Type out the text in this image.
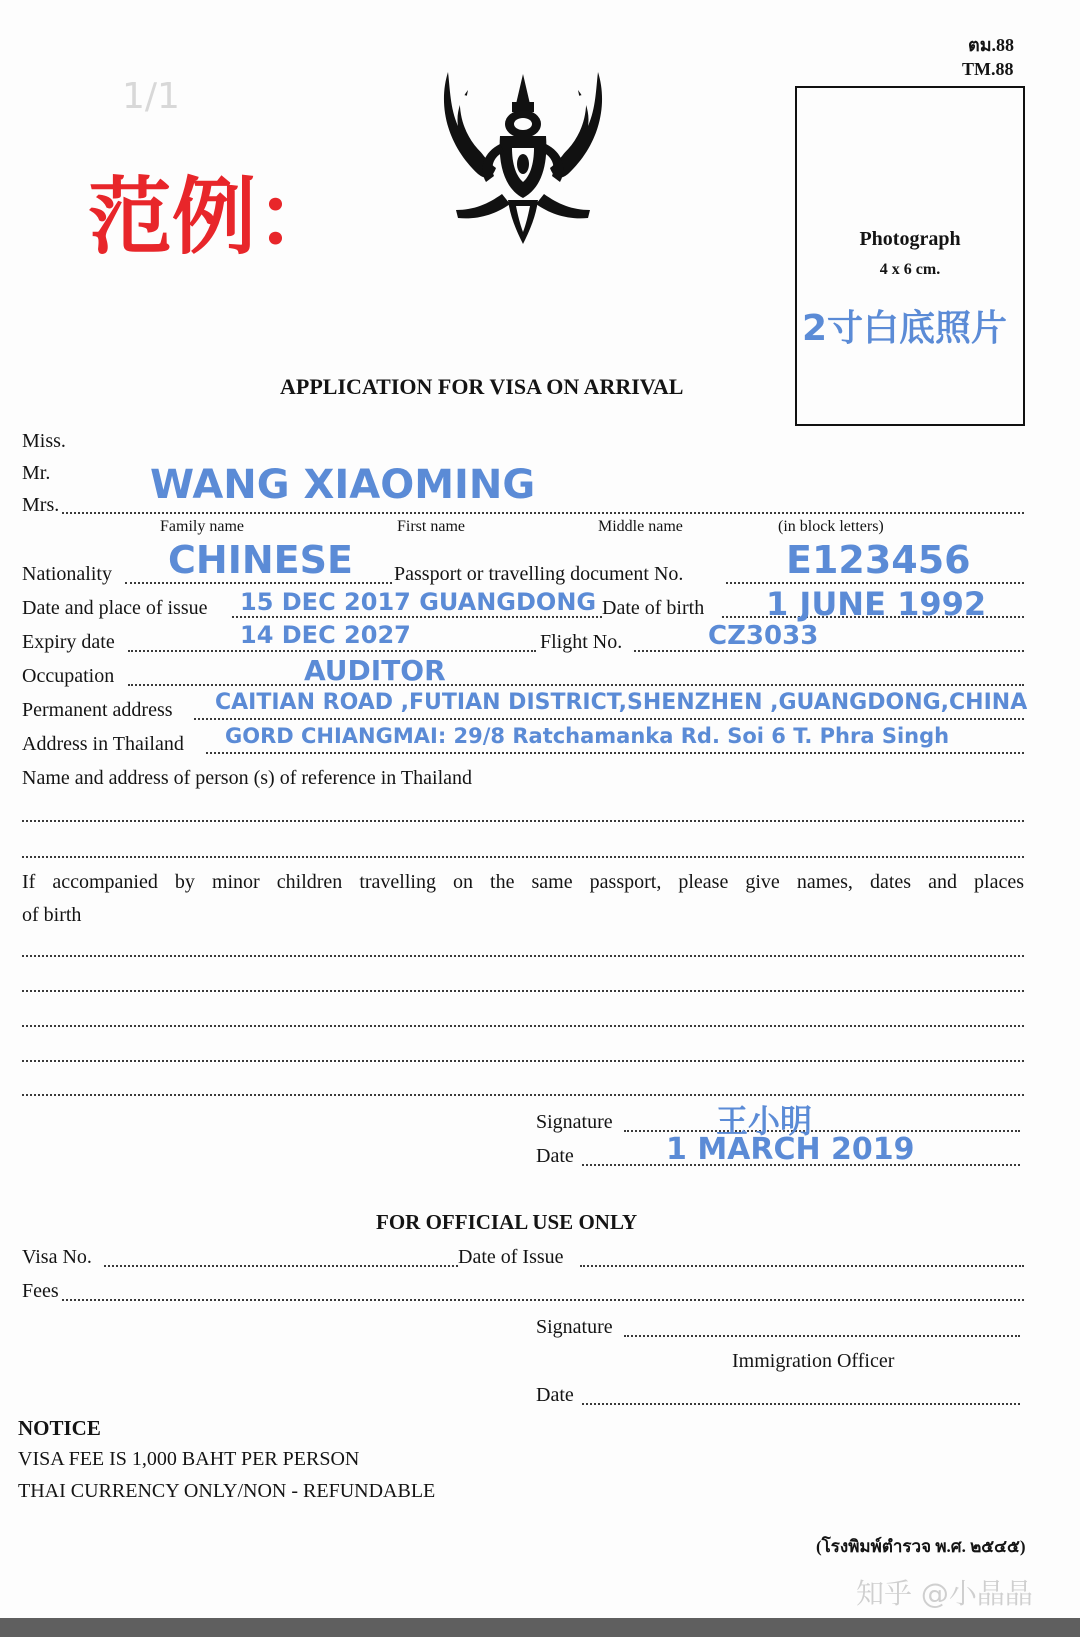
ตม.88
TM.88
1/1
范例：	Photograph
4 x 6 cm.
2寸白底照片
APPLICATION FOR VISA ON ARRIVAL
Miss.
Mr.
Mrs. WANG XIAOMING
Family name	First name	Middle name	(in block letters)
Nationality CHINESE Passport or travelling document No.	E123456
Date and place of issue 15 DEC 2017 GUANGDONG Date of birth 1 JUNE 1992
Expiry date	14 DEC 2027	Flight No.	CZ3033
Occupation	AUDITOR
Permanent address CAITIAN ROAD ,FUTIAN DISTRICT,SHENZHEN ,GUANGDONG,CHINA
Address in Thailand GORD CHIANGMAI: 29/8 Ratchamanka Rd. Soi 6 T. Phra Singh
Name and address of person (s) of reference in Thailand
If accompanied by minor children travelling on the same passport, please give names, dates and places
of birth
Signature	王小明
Date	1 MARCH 2019
FOR OFFICIAL USE ONLY
Visa No.	Date of Issue
Fees
Signature
Immigration Officer
Date
NOTICE
VISA FEE IS 1,000 BAHT PER PERSON
THAI CURRENCY ONLY/NON - REFUNDABLE
(โรงพิมพ์ตำรวจ พ.ศ. ๒๕๔๕)
知乎 @小晶晶
